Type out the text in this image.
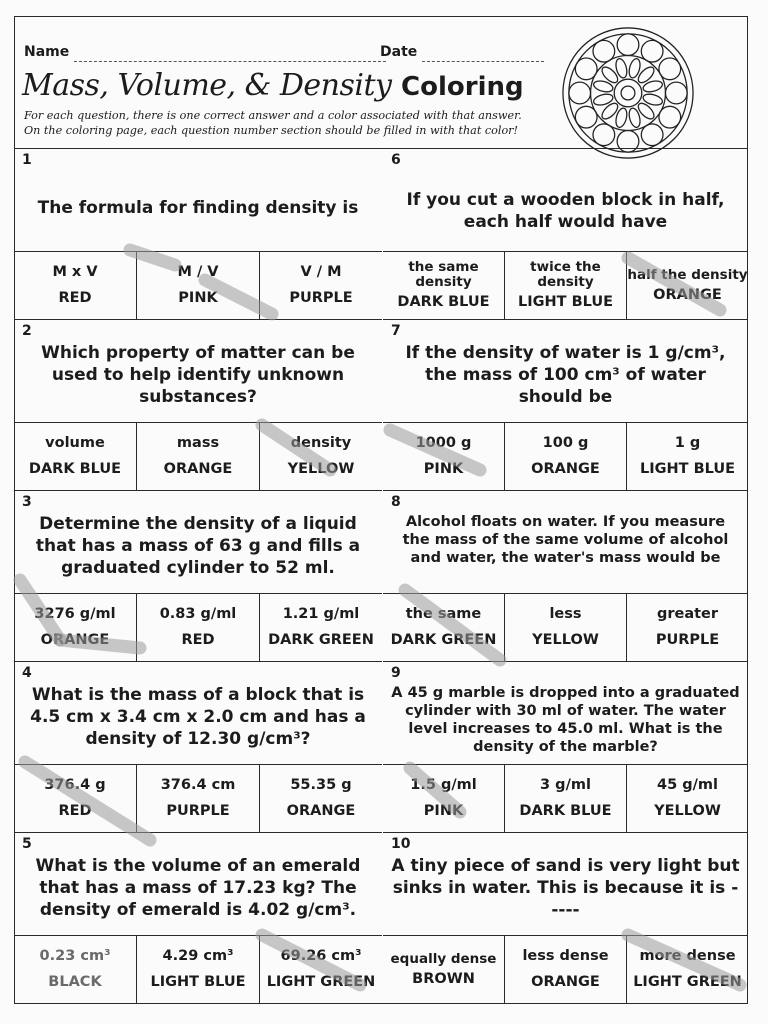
Name	Date
Mass, Volume, & Density Coloring
For each question, there is one correct answer and a color associated with that answer.
On the coloring page, each question number section should be filled in with that color!
1
The formula for finding density is
M x V
RED
M / V
PINK
V / M
PURPLE
2
Which property of matter can be used to help identify unknown substances?
volume
DARK BLUE
mass
ORANGE
density
YELLOW
3
Determine the density of a liquid that has a mass of 63 g and fills a graduated cylinder to 52 ml.
3276 g/ml
ORANGE
0.83 g/ml
RED
1.21 g/ml
DARK GREEN
4
What is the mass of a block that is 4.5 cm x 3.4 cm x 2.0 cm and has a density of 12.30 g/cm³?
376.4 g
RED
376.4 cm
PURPLE
55.35 g
ORANGE
5
What is the volume of an emerald that has a mass of 17.23 kg? The density of emerald is 4.02 g/cm³.
0.23 cm³
BLACK
4.29 cm³
LIGHT BLUE
69.26 cm³
LIGHT GREEN
6
If you cut a wooden block in half, each half would have
the same density
DARK BLUE
twice the density
LIGHT BLUE
half the density
ORANGE
7
If the density of water is 1 g/cm³, the mass of 100 cm³ of water should be
1000 g
PINK
100 g
ORANGE
1 g
LIGHT BLUE
8
Alcohol floats on water. If you measure the mass of the same volume of alcohol and water, the water's mass would be
the same
DARK GREEN
less
YELLOW
greater
PURPLE
9
A 45 g marble is dropped into a graduated cylinder with 30 ml of water. The water level increases to 45.0 ml. What is the density of the marble?
1.5 g/ml
PINK
3 g/ml
DARK BLUE
45 g/ml
YELLOW
10
A tiny piece of sand is very light but sinks in water. This is because it is -----
equally dense
BROWN
less dense
ORANGE
more dense
LIGHT GREEN
